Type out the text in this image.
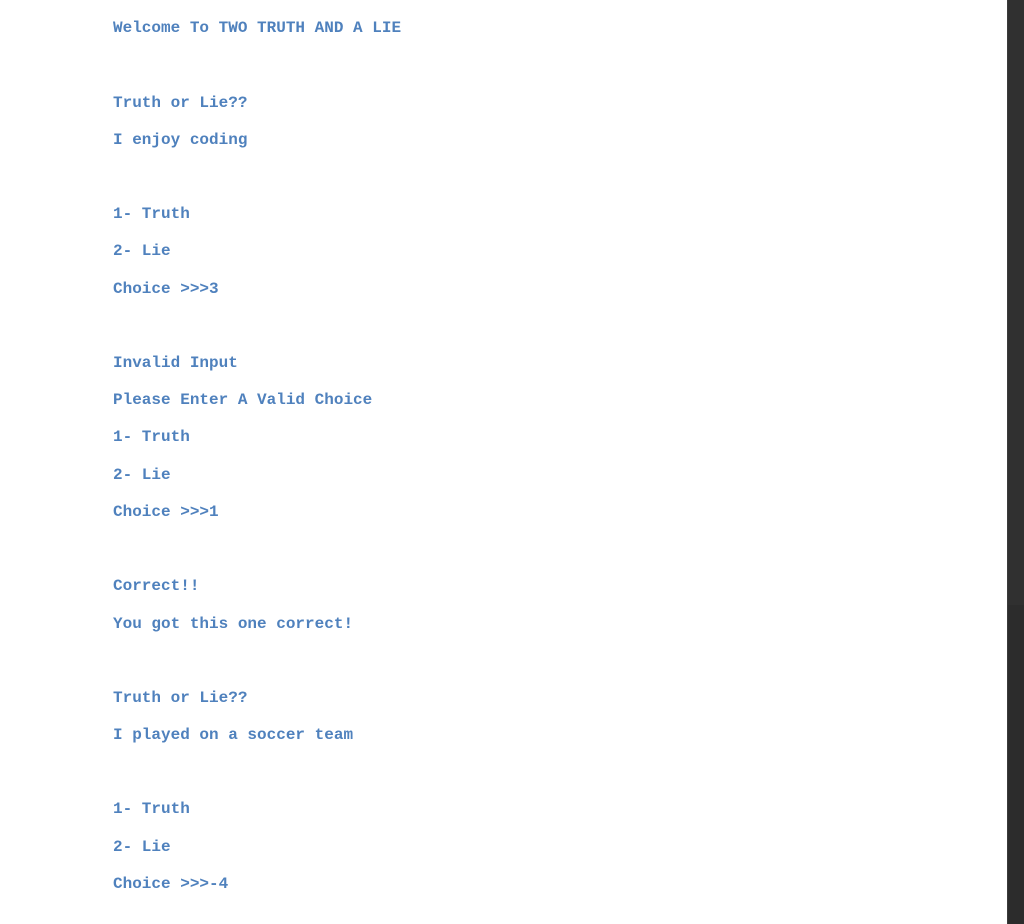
Welcome To TWO TRUTH AND A LIE
Truth or Lie??
I enjoy coding
1- Truth
2- Lie
Choice >>>3
Invalid Input
Please Enter A Valid Choice
1- Truth
2- Lie
Choice >>>1
Correct!!
You got this one correct!
Truth or Lie??
I played on a soccer team
1- Truth
2- Lie
Choice >>>-4
